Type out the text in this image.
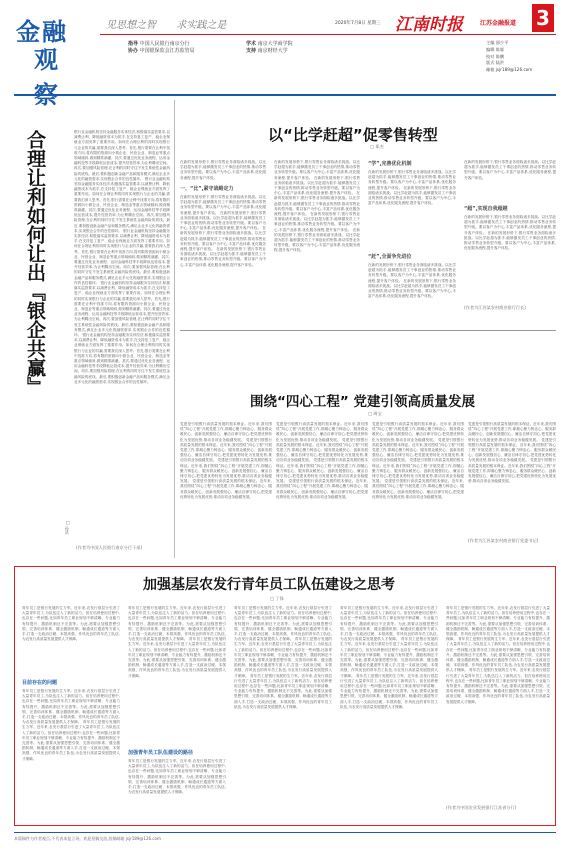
金融
观察
见思想之智 求实践之是	2020年7月8日 星期三 江南时报	江苏金融报道 3
指导 中国人民银行南京分行
协办 中国银保监会江苏监管局
学术 南京大学商学院
支持 南京财经大学
主编 邵少平
编辑 陈霖
校对 陈鹏
版式 陆洪
邮箱 jsjr189@126.com
合理让利如何让出『银企共赢』
□ 孙武
银行业金融机构坚持金融服务实体经济,积极落实监管要求,以减费让利、降低融资成本为抓手,在支持复工复产、稳企业保就业方面发挥了重要作用。如何在合理让利的同时实现银行与企业的共赢,需要我们深入思考。首先,银行需要在让利中找准方向,将有限的资源向小微企业、民营企业、制造业等重点领域倾斜,做到精准滴灌。其次,要通过优化业务流程、运用金融科技等手段降低运营成本,提升经营效率,为让利腾出空间。再次,要加强风险管理,在让利的同时守住不发生系统性金融风险的底线。最后,要积极创新金融产品和服务模式,满足企业多元化的融资需求,实现银企合作的良性循环。 银行业金融机构坚持金融服务实体经济,积极落实监管要求,以减费让利、降低融资成本为抓手,在支持复工复产、稳企业保就业方面发挥了重要作用。如何在合理让利的同时实现银行与企业的共赢,需要我们深入思考。首先,银行需要在让利中找准方向,将有限的资源向小微企业、民营企业、制造业等重点领域倾斜,做到精准滴灌。其次,要通过优化业务流程、运用金融科技等手段降低运营成本,提升经营效率,为让利腾出空间。再次,要加强风险管理,在让利的同时守住不发生系统性金融风险的底线。最后,要积极创新金融产品和服务模式,满足企业多元化的融资需求,实现银企合作的良性循环。 银行业金融机构坚持金融服务实体经济,积极落实监管要求,以减费让利、降低融资成本为抓手,在支持复工复产、稳企业保就业方面发挥了重要作用。如何在合理让利的同时实现银行与企业的共赢,需要我们深入思考。首先,银行需要在让利中找准方向,将有限的资源向小微企业、民营企业、制造业等重点领域倾斜,做到精准滴灌。其次,要通过优化业务流程、运用金融科技等手段降低运营成本,提升经营效率,为让利腾出空间。再次,要加强风险管理,在让利的同时守住不发生系统性金融风险的底线。最后,要积极创新金融产品和服务模式,满足企业多元化的融资需求,实现银企合作的良性循环。 银行业金融机构坚持金融服务实体经济,积极落实监管要求,以减费让利、降低融资成本为抓手,在支持复工复产、稳企业保就业方面发挥了重要作用。如何在合理让利的同时实现银行与企业的共赢,需要我们深入思考。首先,银行需要在让利中找准方向,将有限的资源向小微企业、民营企业、制造业等重点领域倾斜,做到精准滴灌。其次,要通过优化业务流程、运用金融科技等手段降低运营成本,提升经营效率,为让利腾出空间。再次,要加强风险管理,在让利的同时守住不发生系统性金融风险的底线。最后,要积极创新金融产品和服务模式,满足企业多元化的融资需求,实现银企合作的良性循环。 银行业金融机构坚持金融服务实体经济,积极落实监管要求,以减费让利、降低融资成本为抓手,在支持复工复产、稳企业保就业方面发挥了重要作用。如何在合理让利的同时实现银行与企业的共赢,需要我们深入思考。首先,银行需要在让利中找准方向,将有限的资源向小微企业、民营企业、制造业等重点领域倾斜,做到精准滴灌。其次,要通过优化业务流程、运用金融科技等手段降低运营成本,提升经营效率,为让利腾出空间。再次,要加强风险管理,在让利的同时守住不发生系统性金融风险的底线。最后,要积极创新金融产品和服务模式,满足企业多元化的融资需求,实现银企合作的良性循环。
(作者为中国人民银行南京分行干部)
以“比学赶超”促零售转型
□ 郑杰
在新的发展形势下,银行零售业务面临诸多挑战。以比学赶超为抓手,能够激发员工干事创业的热情,推动零售业务转型升级。要以客户为中心,丰富产品体系,优化服务流程,提升客户体验。
一、“比”,紧守战略定力
在新的发展形势下,银行零售业务面临诸多挑战。以比学赶超为抓手,能够激发员工干事创业的热情,推动零售业务转型升级。要以客户为中心,丰富产品体系,优化服务流程,提升客户体验。 在新的发展形势下,银行零售业务面临诸多挑战。以比学赶超为抓手,能够激发员工干事创业的热情,推动零售业务转型升级。要以客户为中心,丰富产品体系,优化服务流程,提升客户体验。 在新的发展形势下,银行零售业务面临诸多挑战。以比学赶超为抓手,能够激发员工干事创业的热情,推动零售业务转型升级。要以客户为中心,丰富产品体系,优化服务流程,提升客户体验。 在新的发展形势下,银行零售业务面临诸多挑战。以比学赶超为抓手,能够激发员工干事创业的热情,推动零售业务转型升级。要以客户为中心,丰富产品体系,优化服务流程,提升客户体验。
在新的发展形势下,银行零售业务面临诸多挑战。以比学赶超为抓手,能够激发员工干事创业的热情,推动零售业务转型升级。要以客户为中心,丰富产品体系,优化服务流程,提升客户体验。 在新的发展形势下,银行零售业务面临诸多挑战。以比学赶超为抓手,能够激发员工干事创业的热情,推动零售业务转型升级。要以客户为中心,丰富产品体系,优化服务流程,提升客户体验。 在新的发展形势下,银行零售业务面临诸多挑战。以比学赶超为抓手,能够激发员工干事创业的热情,推动零售业务转型升级。要以客户为中心,丰富产品体系,优化服务流程,提升客户体验。 在新的发展形势下,银行零售业务面临诸多挑战。以比学赶超为抓手,能够激发员工干事创业的热情,推动零售业务转型升级。要以客户为中心,丰富产品体系,优化服务流程,提升客户体验。 在新的发展形势下,银行零售业务面临诸多挑战。以比学赶超为抓手,能够激发员工干事创业的热情,推动零售业务转型升级。要以客户为中心,丰富产品体系,优化服务流程,提升客户体验。
“学”,完善优化机制
在新的发展形势下,银行零售业务面临诸多挑战。以比学赶超为抓手,能够激发员工干事创业的热情,推动零售业务转型升级。要以客户为中心,丰富产品体系,优化服务流程,提升客户体验。 在新的发展形势下,银行零售业务面临诸多挑战。以比学赶超为抓手,能够激发员工干事创业的热情,推动零售业务转型升级。要以客户为中心,丰富产品体系,优化服务流程,提升客户体验。
“赶”,全面争先进位
在新的发展形势下,银行零售业务面临诸多挑战。以比学赶超为抓手,能够激发员工干事创业的热情,推动零售业务转型升级。要以客户为中心,丰富产品体系,优化服务流程,提升客户体验。 在新的发展形势下,银行零售业务面临诸多挑战。以比学赶超为抓手,能够激发员工干事创业的热情,推动零售业务转型升级。要以客户为中心,丰富产品体系,优化服务流程,提升客户体验。
在新的发展形势下,银行零售业务面临诸多挑战。以比学赶超为抓手,能够激发员工干事创业的热情,推动零售业务转型升级。要以客户为中心,丰富产品体系,优化服务流程,提升客户体验。
“超”,实现自我超越
在新的发展形势下,银行零售业务面临诸多挑战。以比学赶超为抓手,能够激发员工干事创业的热情,推动零售业务转型升级。要以客户为中心,丰富产品体系,优化服务流程,提升客户体验。 在新的发展形势下,银行零售业务面临诸多挑战。以比学赶超为抓手,能够激发员工干事创业的热情,推动零售业务转型升级。要以客户为中心,丰富产品体系,优化服务流程,提升客户体验。
(作者为江苏某农村商业银行行长)
围绕“四心工程” 党建引领高质量发展
□ 周宝
党建是引领银行高质量发展的根本保证。近年来,我们围绕“四心工程”开展党建工作,即凝心聚力铸忠心、服务群众暖民心、创新发展强信心、廉洁自律守初心,把党建优势转化为发展优势,推动各项业务稳健发展。 党建是引领银行高质量发展的根本保证。近年来,我们围绕“四心工程”开展党建工作,即凝心聚力铸忠心、服务群众暖民心、创新发展强信心、廉洁自律守初心,把党建优势转化为发展优势,推动各项业务稳健发展。 党建是引领银行高质量发展的根本保证。近年来,我们围绕“四心工程”开展党建工作,即凝心聚力铸忠心、服务群众暖民心、创新发展强信心、廉洁自律守初心,把党建优势转化为发展优势,推动各项业务稳健发展。 党建是引领银行高质量发展的根本保证。近年来,我们围绕“四心工程”开展党建工作,即凝心聚力铸忠心、服务群众暖民心、创新发展强信心、廉洁自律守初心,把党建优势转化为发展优势,推动各项业务稳健发展。
党建是引领银行高质量发展的根本保证。近年来,我们围绕“四心工程”开展党建工作,即凝心聚力铸忠心、服务群众暖民心、创新发展强信心、廉洁自律守初心,把党建优势转化为发展优势,推动各项业务稳健发展。 党建是引领银行高质量发展的根本保证。近年来,我们围绕“四心工程”开展党建工作,即凝心聚力铸忠心、服务群众暖民心、创新发展强信心、廉洁自律守初心,把党建优势转化为发展优势,推动各项业务稳健发展。 党建是引领银行高质量发展的根本保证。近年来,我们围绕“四心工程”开展党建工作,即凝心聚力铸忠心、服务群众暖民心、创新发展强信心、廉洁自律守初心,把党建优势转化为发展优势,推动各项业务稳健发展。 党建是引领银行高质量发展的根本保证。近年来,我们围绕“四心工程”开展党建工作,即凝心聚力铸忠心、服务群众暖民心、创新发展强信心、廉洁自律守初心,把党建优势转化为发展优势,推动各项业务稳健发展。
党建是引领银行高质量发展的根本保证。近年来,我们围绕“四心工程”开展党建工作,即凝心聚力铸忠心、服务群众暖民心、创新发展强信心、廉洁自律守初心,把党建优势转化为发展优势,推动各项业务稳健发展。 党建是引领银行高质量发展的根本保证。近年来,我们围绕“四心工程”开展党建工作,即凝心聚力铸忠心、服务群众暖民心、创新发展强信心、廉洁自律守初心,把党建优势转化为发展优势,推动各项业务稳健发展。 党建是引领银行高质量发展的根本保证。近年来,我们围绕“四心工程”开展党建工作,即凝心聚力铸忠心、服务群众暖民心、创新发展强信心、廉洁自律守初心,把党建优势转化为发展优势,推动各项业务稳健发展。 党建是引领银行高质量发展的根本保证。近年来,我们围绕“四心工程”开展党建工作,即凝心聚力铸忠心、服务群众暖民心、创新发展强信心、廉洁自律守初心,把党建优势转化为发展优势,推动各项业务稳健发展。
党建是引领银行高质量发展的根本保证。近年来,我们围绕“四心工程”开展党建工作,即凝心聚力铸忠心、服务群众暖民心、创新发展强信心、廉洁自律守初心,把党建优势转化为发展优势,推动各项业务稳健发展。 党建是引领银行高质量发展的根本保证。近年来,我们围绕“四心工程”开展党建工作,即凝心聚力铸忠心、服务群众暖民心、创新发展强信心、廉洁自律守初心,把党建优势转化为发展优势,推动各项业务稳健发展。 党建是引领银行高质量发展的根本保证。近年来,我们围绕“四心工程”开展党建工作,即凝心聚力铸忠心、服务群众暖民心、创新发展强信心、廉洁自律守初心,把党建优势转化为发展优势,推动各项业务稳健发展。
(作者为江苏某农村商业银行党委书记)
加强基层农发行青年员工队伍建设之思考
□ 丁锋
青年员工是银行发展的生力军。近年来,农发行基层行引进了大量青年员工,为队伍注入了新的活力。但在培养使用过程中,也存在一些问题,比如青年员工职业规划不够清晰、专业能力有待提升、激励机制还不完善等。为此,需要从加强思想引领、完善培训体系、健全激励机制、畅通成长通道等方面入手,打造一支政治过硬、本领高强、作风优良的青年员工队伍,为农发行高质量发展提供人才保障。
目前存在的问题
青年员工是银行发展的生力军。近年来,农发行基层行引进了大量青年员工,为队伍注入了新的活力。但在培养使用过程中,也存在一些问题,比如青年员工职业规划不够清晰、专业能力有待提升、激励机制还不完善等。为此,需要从加强思想引领、完善培训体系、健全激励机制、畅通成长通道等方面入手,打造一支政治过硬、本领高强、作风优良的青年员工队伍,为农发行高质量发展提供人才保障。 青年员工是银行发展的生力军。近年来,农发行基层行引进了大量青年员工,为队伍注入了新的活力。但在培养使用过程中,也存在一些问题,比如青年员工职业规划不够清晰、专业能力有待提升、激励机制还不完善等。为此,需要从加强思想引领、完善培训体系、健全激励机制、畅通成长通道等方面入手,打造一支政治过硬、本领高强、作风优良的青年员工队伍,为农发行高质量发展提供人才保障。
青年员工是银行发展的生力军。近年来,农发行基层行引进了大量青年员工,为队伍注入了新的活力。但在培养使用过程中,也存在一些问题,比如青年员工职业规划不够清晰、专业能力有待提升、激励机制还不完善等。为此,需要从加强思想引领、完善培训体系、健全激励机制、畅通成长通道等方面入手,打造一支政治过硬、本领高强、作风优良的青年员工队伍,为农发行高质量发展提供人才保障。 青年员工是银行发展的生力军。近年来,农发行基层行引进了大量青年员工,为队伍注入了新的活力。但在培养使用过程中,也存在一些问题,比如青年员工职业规划不够清晰、专业能力有待提升、激励机制还不完善等。为此,需要从加强思想引领、完善培训体系、健全激励机制、畅通成长通道等方面入手,打造一支政治过硬、本领高强、作风优良的青年员工队伍,为农发行高质量发展提供人才保障。
加强青年员工队伍建设的路径
青年员工是银行发展的生力军。近年来,农发行基层行引进了大量青年员工,为队伍注入了新的活力。但在培养使用过程中,也存在一些问题,比如青年员工职业规划不够清晰、专业能力有待提升、激励机制还不完善等。为此,需要从加强思想引领、完善培训体系、健全激励机制、畅通成长通道等方面入手,打造一支政治过硬、本领高强、作风优良的青年员工队伍,为农发行高质量发展提供人才保障。
青年员工是银行发展的生力军。近年来,农发行基层行引进了大量青年员工,为队伍注入了新的活力。但在培养使用过程中,也存在一些问题,比如青年员工职业规划不够清晰、专业能力有待提升、激励机制还不完善等。为此,需要从加强思想引领、完善培训体系、健全激励机制、畅通成长通道等方面入手,打造一支政治过硬、本领高强、作风优良的青年员工队伍,为农发行高质量发展提供人才保障。 青年员工是银行发展的生力军。近年来,农发行基层行引进了大量青年员工,为队伍注入了新的活力。但在培养使用过程中,也存在一些问题,比如青年员工职业规划不够清晰、专业能力有待提升、激励机制还不完善等。为此,需要从加强思想引领、完善培训体系、健全激励机制、畅通成长通道等方面入手,打造一支政治过硬、本领高强、作风优良的青年员工队伍,为农发行高质量发展提供人才保障。 青年员工是银行发展的生力军。近年来,农发行基层行引进了大量青年员工,为队伍注入了新的活力。但在培养使用过程中,也存在一些问题,比如青年员工职业规划不够清晰、专业能力有待提升、激励机制还不完善等。为此,需要从加强思想引领、完善培训体系、健全激励机制、畅通成长通道等方面入手,打造一支政治过硬、本领高强、作风优良的青年员工队伍,为农发行高质量发展提供人才保障。
青年员工是银行发展的生力军。近年来,农发行基层行引进了大量青年员工,为队伍注入了新的活力。但在培养使用过程中,也存在一些问题,比如青年员工职业规划不够清晰、专业能力有待提升、激励机制还不完善等。为此,需要从加强思想引领、完善培训体系、健全激励机制、畅通成长通道等方面入手,打造一支政治过硬、本领高强、作风优良的青年员工队伍,为农发行高质量发展提供人才保障。 青年员工是银行发展的生力军。近年来,农发行基层行引进了大量青年员工,为队伍注入了新的活力。但在培养使用过程中,也存在一些问题,比如青年员工职业规划不够清晰、专业能力有待提升、激励机制还不完善等。为此,需要从加强思想引领、完善培训体系、健全激励机制、畅通成长通道等方面入手,打造一支政治过硬、本领高强、作风优良的青年员工队伍,为农发行高质量发展提供人才保障。 青年员工是银行发展的生力军。近年来,农发行基层行引进了大量青年员工,为队伍注入了新的活力。但在培养使用过程中,也存在一些问题,比如青年员工职业规划不够清晰、专业能力有待提升、激励机制还不完善等。为此,需要从加强思想引领、完善培训体系、健全激励机制、畅通成长通道等方面入手,打造一支政治过硬、本领高强、作风优良的青年员工队伍,为农发行高质量发展提供人才保障。
青年员工是银行发展的生力军。近年来,农发行基层行引进了大量青年员工,为队伍注入了新的活力。但在培养使用过程中,也存在一些问题,比如青年员工职业规划不够清晰、专业能力有待提升、激励机制还不完善等。为此,需要从加强思想引领、完善培训体系、健全激励机制、畅通成长通道等方面入手,打造一支政治过硬、本领高强、作风优良的青年员工队伍,为农发行高质量发展提供人才保障。 青年员工是银行发展的生力军。近年来,农发行基层行引进了大量青年员工,为队伍注入了新的活力。但在培养使用过程中,也存在一些问题,比如青年员工职业规划不够清晰、专业能力有待提升、激励机制还不完善等。为此,需要从加强思想引领、完善培训体系、健全激励机制、畅通成长通道等方面入手,打造一支政治过硬、本领高强、作风优良的青年员工队伍,为农发行高质量发展提供人才保障。 青年员工是银行发展的生力军。近年来,农发行基层行引进了大量青年员工,为队伍注入了新的活力。但在培养使用过程中,也存在一些问题,比如青年员工职业规划不够清晰、专业能力有待提升、激励机制还不完善等。为此,需要从加强思想引领、完善培训体系、健全激励机制、畅通成长通道等方面入手,打造一支政治过硬、本领高强、作风优良的青年员工队伍,为农发行高质量发展提供人才保障。
(作者为中国农业发展银行江苏省分行)
本版稿件为作者观点,不代表本报立场。欢迎投稿交流,投稿邮箱 jsjr189@126.com
